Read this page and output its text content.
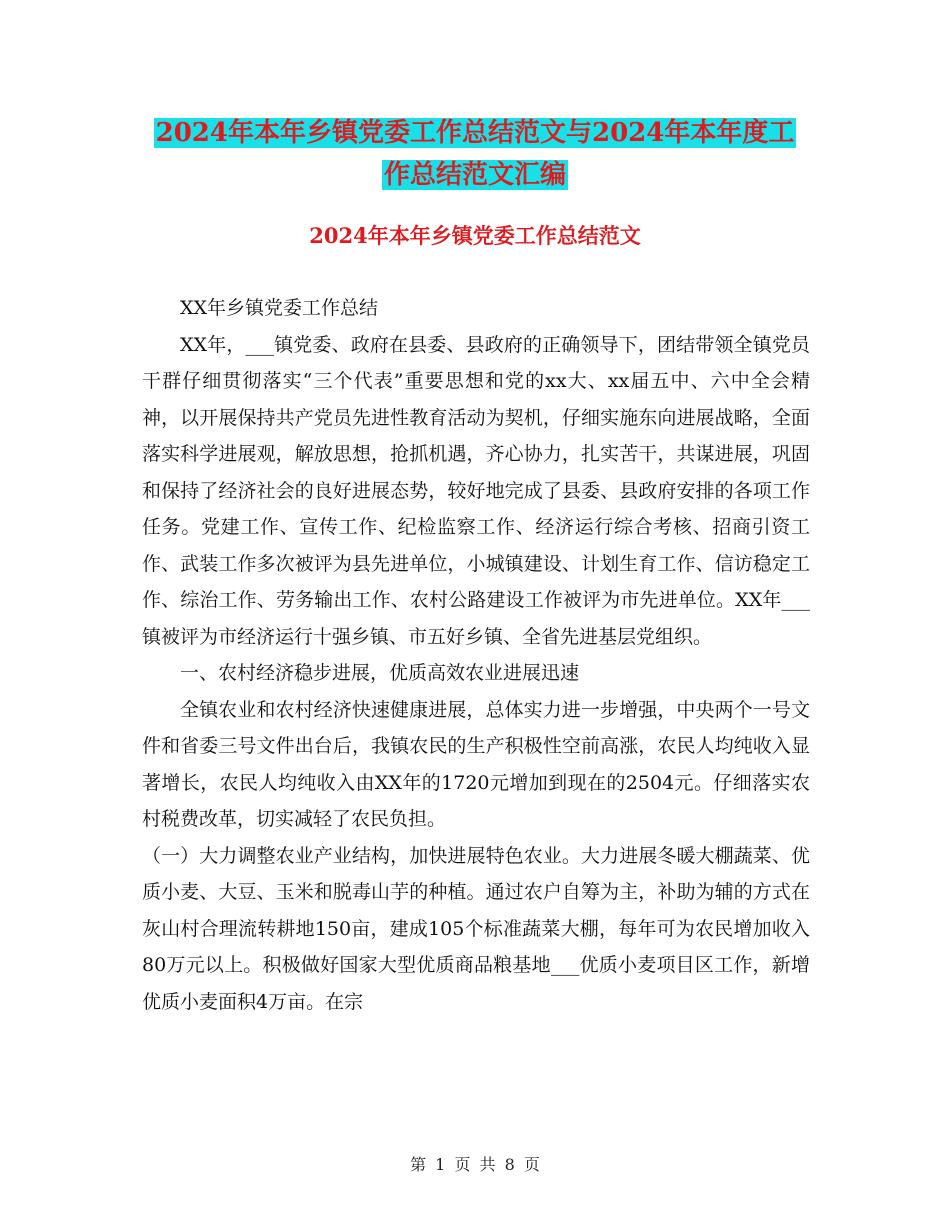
2024年本年乡镇党委工作总结范文与2024年本年度工
作总结范文汇编
2024年本年乡镇党委工作总结范文

XX年乡镇党委工作总结

XX年，___镇党委、政府在县委、县政府的正确领导下，团结带领全镇党员干群仔细贯彻落实“三个代表”重要思想和党的xx大、xx届五中、六中全会精神，以开展保持共产党员先进性教育活动为契机，仔细实施东向进展战略，全面落实科学进展观，解放思想，抢抓机遇，齐心协力，扎实苦干，共谋进展，巩固和保持了经济社会的良好进展态势，较好地完成了县委、县政府安排的各项工作任务。党建工作、宣传工作、纪检监察工作、经济运行综合考核、招商引资工作、武装工作多次被评为县先进单位，小城镇建设、计划生育工作、信访稳定工作、综治工作、劳务输出工作、农村公路建设工作被评为市先进单位。XX年___镇被评为市经济运行十强乡镇、市五好乡镇、全省先进基层党组织。

一、农村经济稳步进展，优质高效农业进展迅速

全镇农业和农村经济快速健康进展，总体实力进一步增强，中央两个一号文件和省委三号文件出台后，我镇农民的生产积极性空前高涨，农民人均纯收入显著增长，农民人均纯收入由XX年的1720元增加到现在的2504元。仔细落实农村税费改革，切实减轻了农民负担。

（一）大力调整农业产业结构，加快进展特色农业。大力进展冬暖大棚蔬菜、优质小麦、大豆、玉米和脱毒山芋的种植。通过农户自筹为主，补助为辅的方式在灰山村合理流转耕地150亩，建成105个标准蔬菜大棚，每年可为农民增加收入80万元以上。积极做好国家大型优质商品粮基地___优质小麦项目区工作，新增优质小麦面积4万亩。在宗

第 1 页 共 8 页
